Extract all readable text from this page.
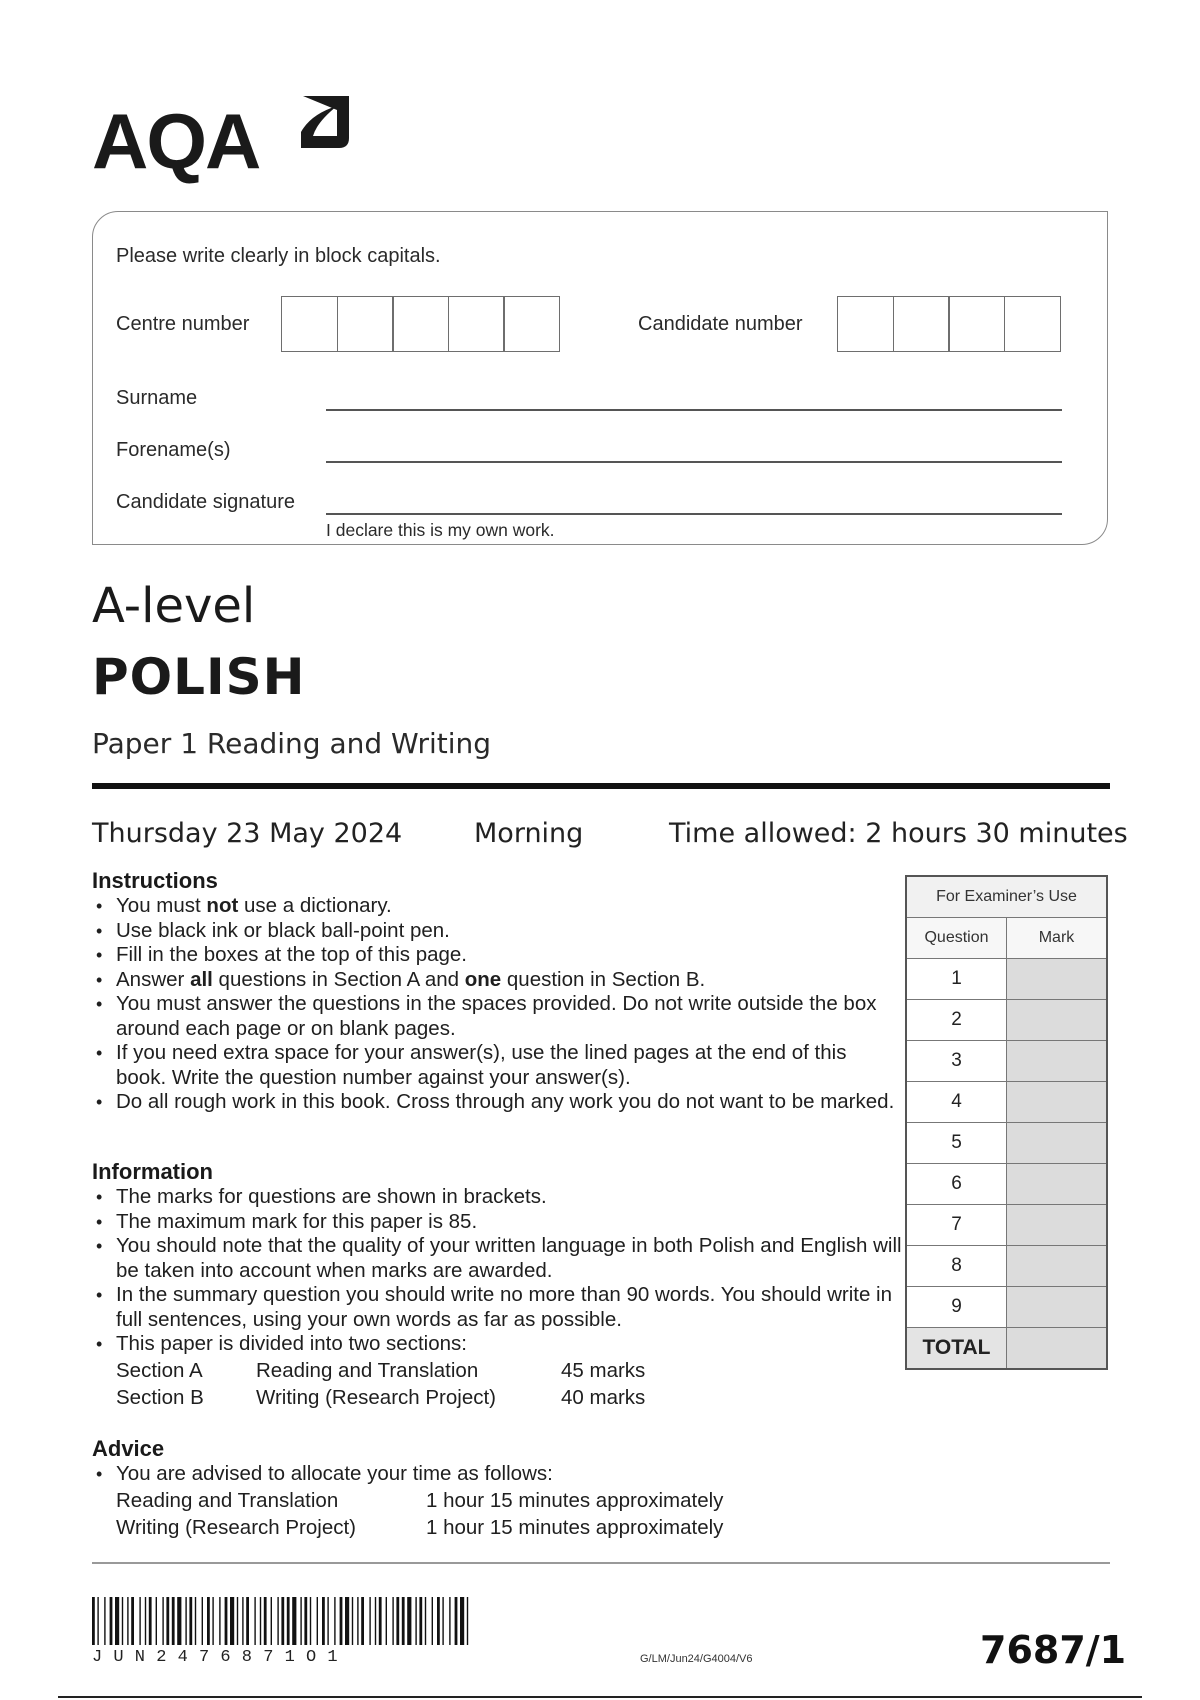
AQA
Please write clearly in block capitals.
Centre number	Candidate number
Surname
Forename(s)
Candidate signature
I declare this is my own work.
A-level
POLISH
Paper 1 Reading and Writing
Thursday 23 May 2024	Morning	Time allowed: 2 hours 30 minutes
Instructions
• You must not use a dictionary.
• Use black ink or black ball-point pen.
• Fill in the boxes at the top of this page.
• Answer all questions in Section A and one question in Section B.
• You must answer the questions in the spaces provided. Do not write outside the box around each page or on blank pages.
• If you need extra space for your answer(s), use the lined pages at the end of this book. Write the question number against your answer(s).
• Do all rough work in this book. Cross through any work you do not want to be marked.
Information
• The marks for questions are shown in brackets.
• The maximum mark for this paper is 85.
• You should note that the quality of your written language in both Polish and English will be taken into account when marks are awarded.
• In the summary question you should write no more than 90 words. You should write in full sentences, using your own words as far as possible.
• This paper is divided into two sections:
Section A	Reading and Translation	45 marks
Section B	Writing (Research Project)	40 marks
Advice
• You are advised to allocate your time as follows:
Reading and Translation	1 hour 15 minutes approximately
Writing (Research Project)	1 hour 15 minutes approximately
For Examiner’s Use
Question	Mark
1
2
3
4
5
6
7
8
9
TOTAL
JUN2476871O1	G/LM/Jun24/G4004/V6	7687/1
